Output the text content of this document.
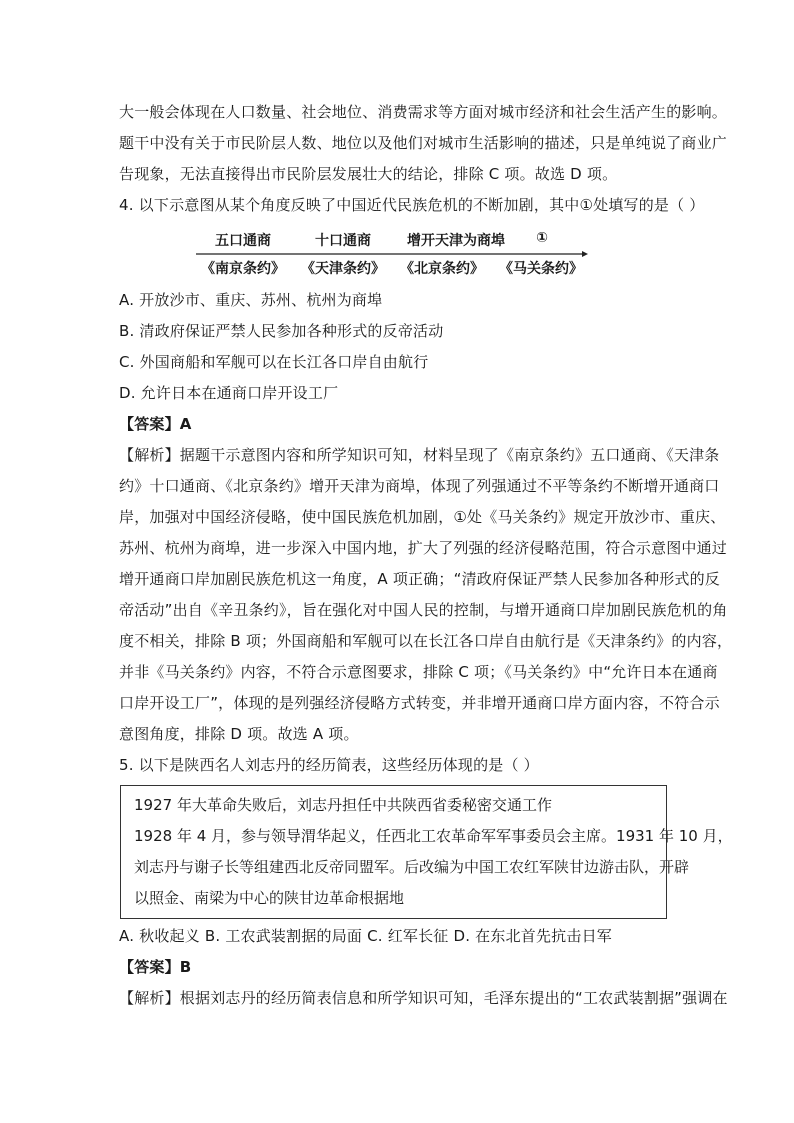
大一般会体现在人口数量、社会地位、消费需求等方面对城市经济和社会生活产生的影响。
题干中没有关于市民阶层人数、地位以及他们对城市生活影响的描述，只是单纯说了商业广
告现象，无法直接得出市民阶层发展壮大的结论，排除 C 项。故选 D 项。
4. 以下示意图从某个角度反映了中国近代民族危机的不断加剧，其中①处填写的是（ ）
五口通商	十口通商	增开天津为商埠 ①
《南京条约》 《天津条约》 《北京条约》 《马关条约》
A. 开放沙市、重庆、苏州、杭州为商埠
B. 清政府保证严禁人民参加各种形式的反帝活动
C. 外国商船和军舰可以在长江各口岸自由航行
D. 允许日本在通商口岸开设工厂
【答案】A
【解析】据题干示意图内容和所学知识可知，材料呈现了《南京条约》五口通商、《天津条
约》十口通商、《北京条约》增开天津为商埠，体现了列强通过不平等条约不断增开通商口
岸，加强对中国经济侵略，使中国民族危机加剧，①处《马关条约》规定开放沙市、重庆、
苏州、杭州为商埠，进一步深入中国内地，扩大了列强的经济侵略范围，符合示意图中通过
增开通商口岸加剧民族危机这一角度，A 项正确；“清政府保证严禁人民参加各种形式的反
帝活动”出自《辛丑条约》，旨在强化对中国人民的控制，与增开通商口岸加剧民族危机的角
度不相关，排除 B 项；外国商船和军舰可以在长江各口岸自由航行是《天津条约》的内容，
并非《马关条约》内容，不符合示意图要求，排除 C 项；《马关条约》中“允许日本在通商
口岸开设工厂”，体现的是列强经济侵略方式转变，并非增开通商口岸方面内容，不符合示
意图角度，排除 D 项。故选 A 项。
5. 以下是陕西名人刘志丹的经历简表，这些经历体现的是（ ）
1927 年大革命失败后，刘志丹担任中共陕西省委秘密交通工作
1928 年 4 月，参与领导渭华起义，任西北工农革命军军事委员会主席。1931 年 10 月，
刘志丹与谢子长等组建西北反帝同盟军。后改编为中国工农红军陕甘边游击队，开辟
以照金、南梁为中心的陕甘边革命根据地
A. 秋收起义 B. 工农武装割据的局面 C. 红军长征 D. 在东北首先抗击日军
【答案】B
【解析】根据刘志丹的经历简表信息和所学知识可知，毛泽东提出的“工农武装割据”强调在
